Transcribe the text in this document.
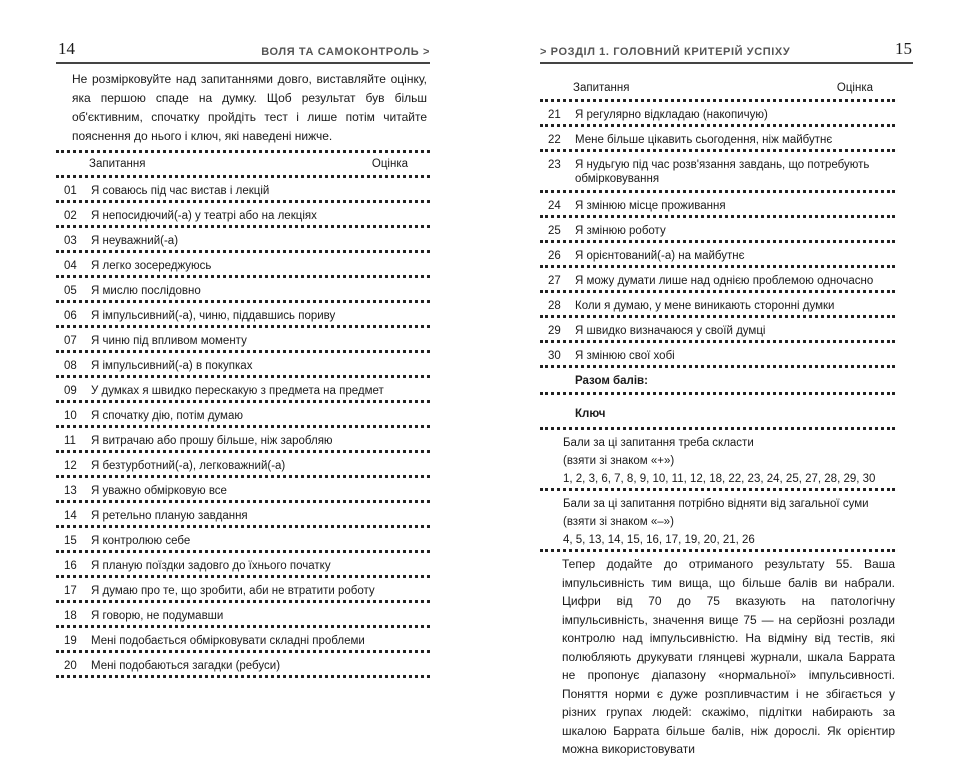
14	ВОЛЯ ТА САМОКОНТРОЛЬ >

Не розмірковуйте над запитаннями довго, виставляйте оцінку, яка першою спаде на думку. Щоб результат був більш об'єктивним, спочатку пройдіть тест і лише потім читайте пояснення до нього і ключ, які наведені нижче.

Запитання	Оцінка
01	Я соваюсь під час вистав і лекцій
02	Я непосидючий(-а) у театрі або на лекціях
03	Я неуважний(-а)
04	Я легко зосереджуюсь
05	Я мислю послідовно
06	Я імпульсивний(-а), чиню, піддавшись пориву
07	Я чиню під впливом моменту
08	Я імпульсивний(-а) в покупках
09	У думках я швидко перескакую з предмета на предмет
10	Я спочатку дію, потім думаю
11	Я витрачаю або прошу більше, ніж заробляю
12	Я безтурботний(-а), легковажний(-а)
13	Я уважно обмірковую все
14	Я ретельно планую завдання
15	Я контролюю себе
16	Я планую поїздки задовго до їхнього початку
17	Я думаю про те, що зробити, аби не втратити роботу
18	Я говорю, не подумавши
19	Мені подобається обмірковувати складні проблеми
20	Мені подобаються загадки (ребуси)
> РОЗДІЛ 1. ГОЛОВНИЙ КРИТЕРІЙ УСПІХУ	15
Запитання	Оцінка
21	Я регулярно відкладаю (накопичую)
22	Мене більше цікавить сьогодення, ніж майбутнє
23	Я нудьгую під час розв'язання завдань, що потребують обмірковування
24	Я змінюю місце проживання
25	Я змінюю роботу
26	Я орієнтований(-а) на майбутнє
27	Я можу думати лише над однією проблемою одночасно
28	Коли я думаю, у мене виникають сторонні думки
29	Я швидко визначаюся у своїй думці
30	Я змінюю свої хобі
Разом балів:
Ключ
Бали за ці запитання треба скласти
(взяти зі знаком «+»)
1, 2, 3, 6, 7, 8, 9, 10, 11, 12, 18, 22, 23, 24, 25, 27, 28, 29, 30
Бали за ці запитання потрібно відняти від загальної суми
(взяти зі знаком «–»)
4, 5, 13, 14, 15, 16, 17, 19, 20, 21, 26

Тепер додайте до отриманого результату 55. Ваша імпульсивність тим вища, що більше балів ви набрали. Цифри від 70 до 75 вказують на патологічну імпульсивність, значення вище 75 — на серйозні розлади контролю над імпульсивністю. На відміну від тестів, які полюбляють друкувати глянцеві журнали, шкала Баррата не пропонує діапазону «нормальної» імпульсивності. Поняття норми є дуже розпливчастим і не збігається у різних групах людей: скажімо, підлітки набирають за шкалою Баррата більше балів, ніж дорослі. Як орієнтир можна використовувати
